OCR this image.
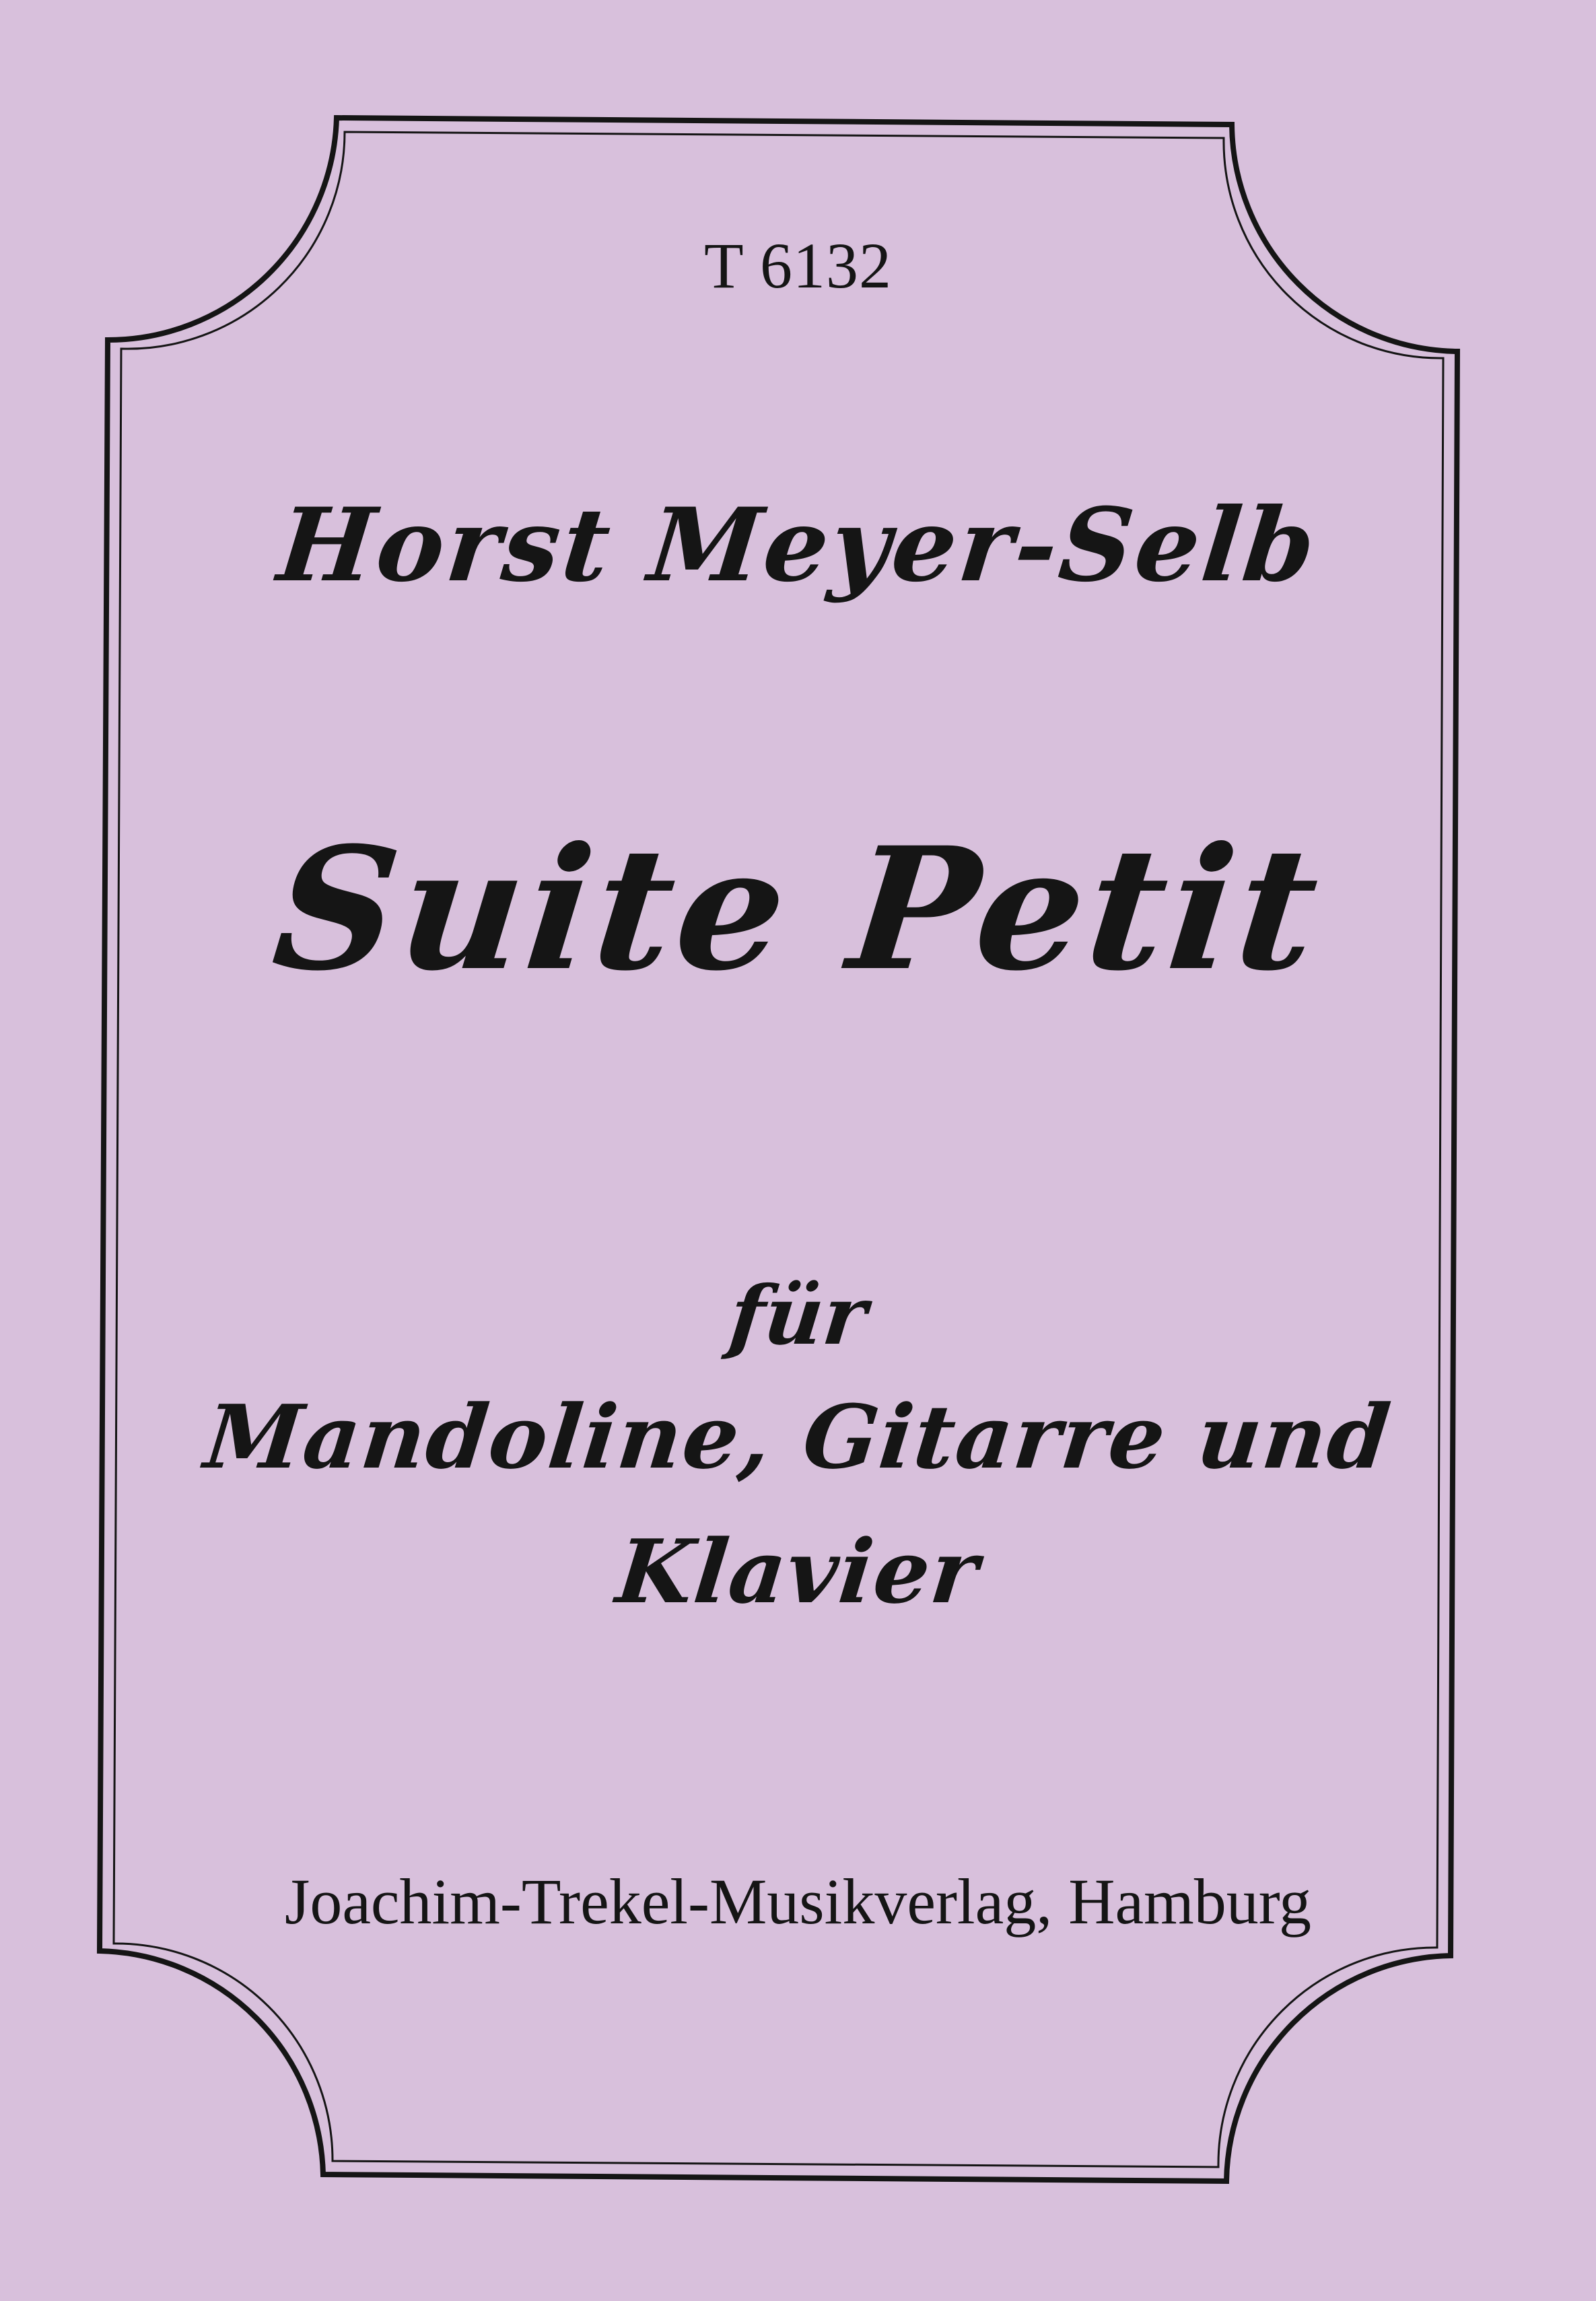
T 6132
Horst Meyer-Selb
Suite Petit
für
Mandoline, Gitarre und
Klavier
Joachim-Trekel-Musikverlag, Hamburg
